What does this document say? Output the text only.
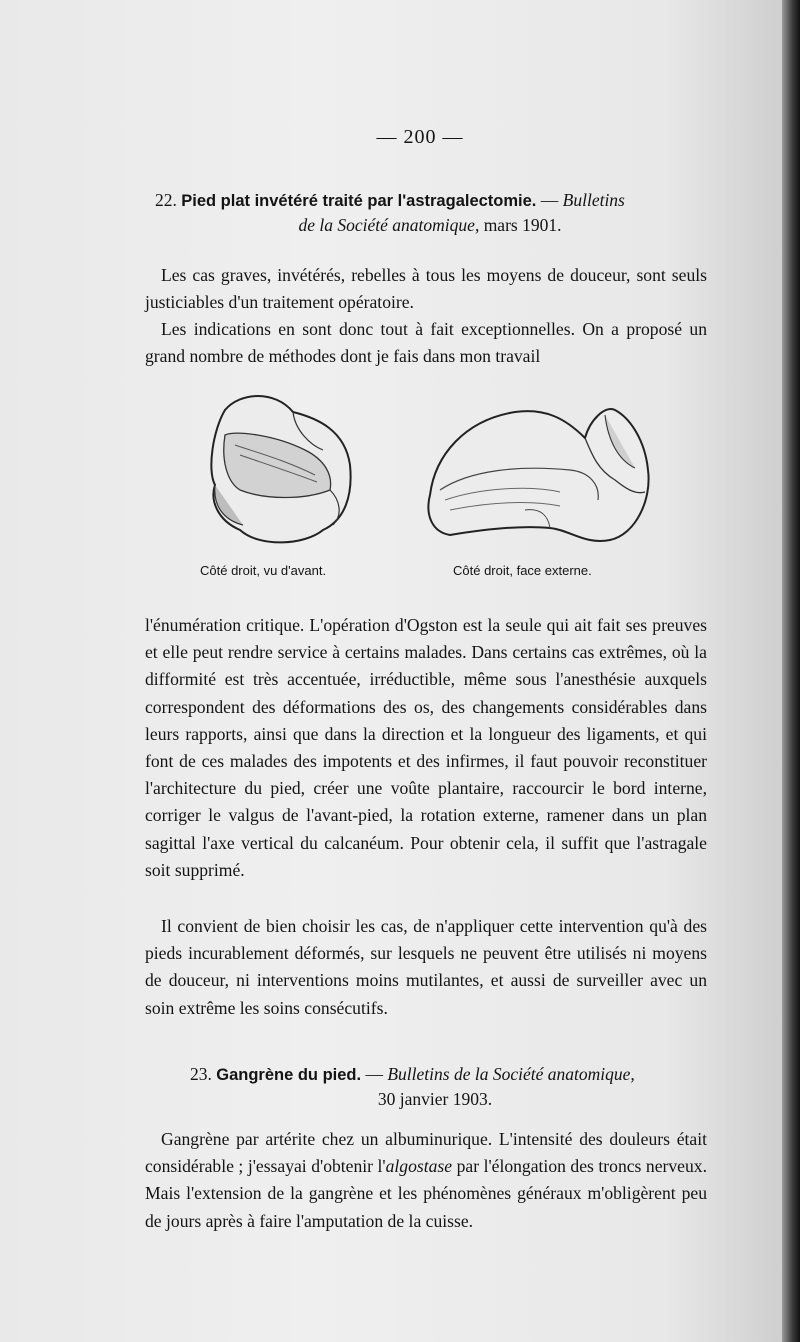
— 200 —
22. Pied plat invétéré traité par l'astragalectomie. — Bulletins
de la Société anatomique, mars 1901.

Les cas graves, invétérés, rebelles à tous les moyens de douceur, sont seuls justiciables d'un traitement opératoire.

Les indications en sont donc tout à fait exceptionnelles. On a proposé un grand nombre de méthodes dont je fais dans mon travail

Côté droit, vu d'avant.	Côté droit, face externe.

l'énumération critique. L'opération d'Ogston est la seule qui ait fait ses preuves et elle peut rendre service à certains malades. Dans certains cas extrêmes, où la difformité est très accentuée, irréductible, même sous l'anesthésie auxquels correspondent des déformations des os, des changements considérables dans leurs rapports, ainsi que dans la direction et la longueur des ligaments, et qui font de ces malades des impotents et des infirmes, il faut pouvoir reconstituer l'architecture du pied, créer une voûte plantaire, raccourcir le bord interne, corriger le valgus de l'avant-pied, la rotation externe, ramener dans un plan sagittal l'axe vertical du calcanéum. Pour obtenir cela, il suffit que l'astragale soit supprimé.

Il convient de bien choisir les cas, de n'appliquer cette intervention qu'à des pieds incurablement déformés, sur lesquels ne peuvent être utilisés ni moyens de douceur, ni interventions moins mutilantes, et aussi de surveiller avec un soin extrême les soins consécutifs.

23. Gangrène du pied. — Bulletins de la Société anatomique,
30 janvier 1903.

Gangrène par artérite chez un albuminurique. L'intensité des douleurs était considérable ; j'essayai d'obtenir l'algostase par l'élongation des troncs nerveux. Mais l'extension de la gangrène et les phénomènes généraux m'obligèrent peu de jours après à faire l'amputation de la cuisse.
